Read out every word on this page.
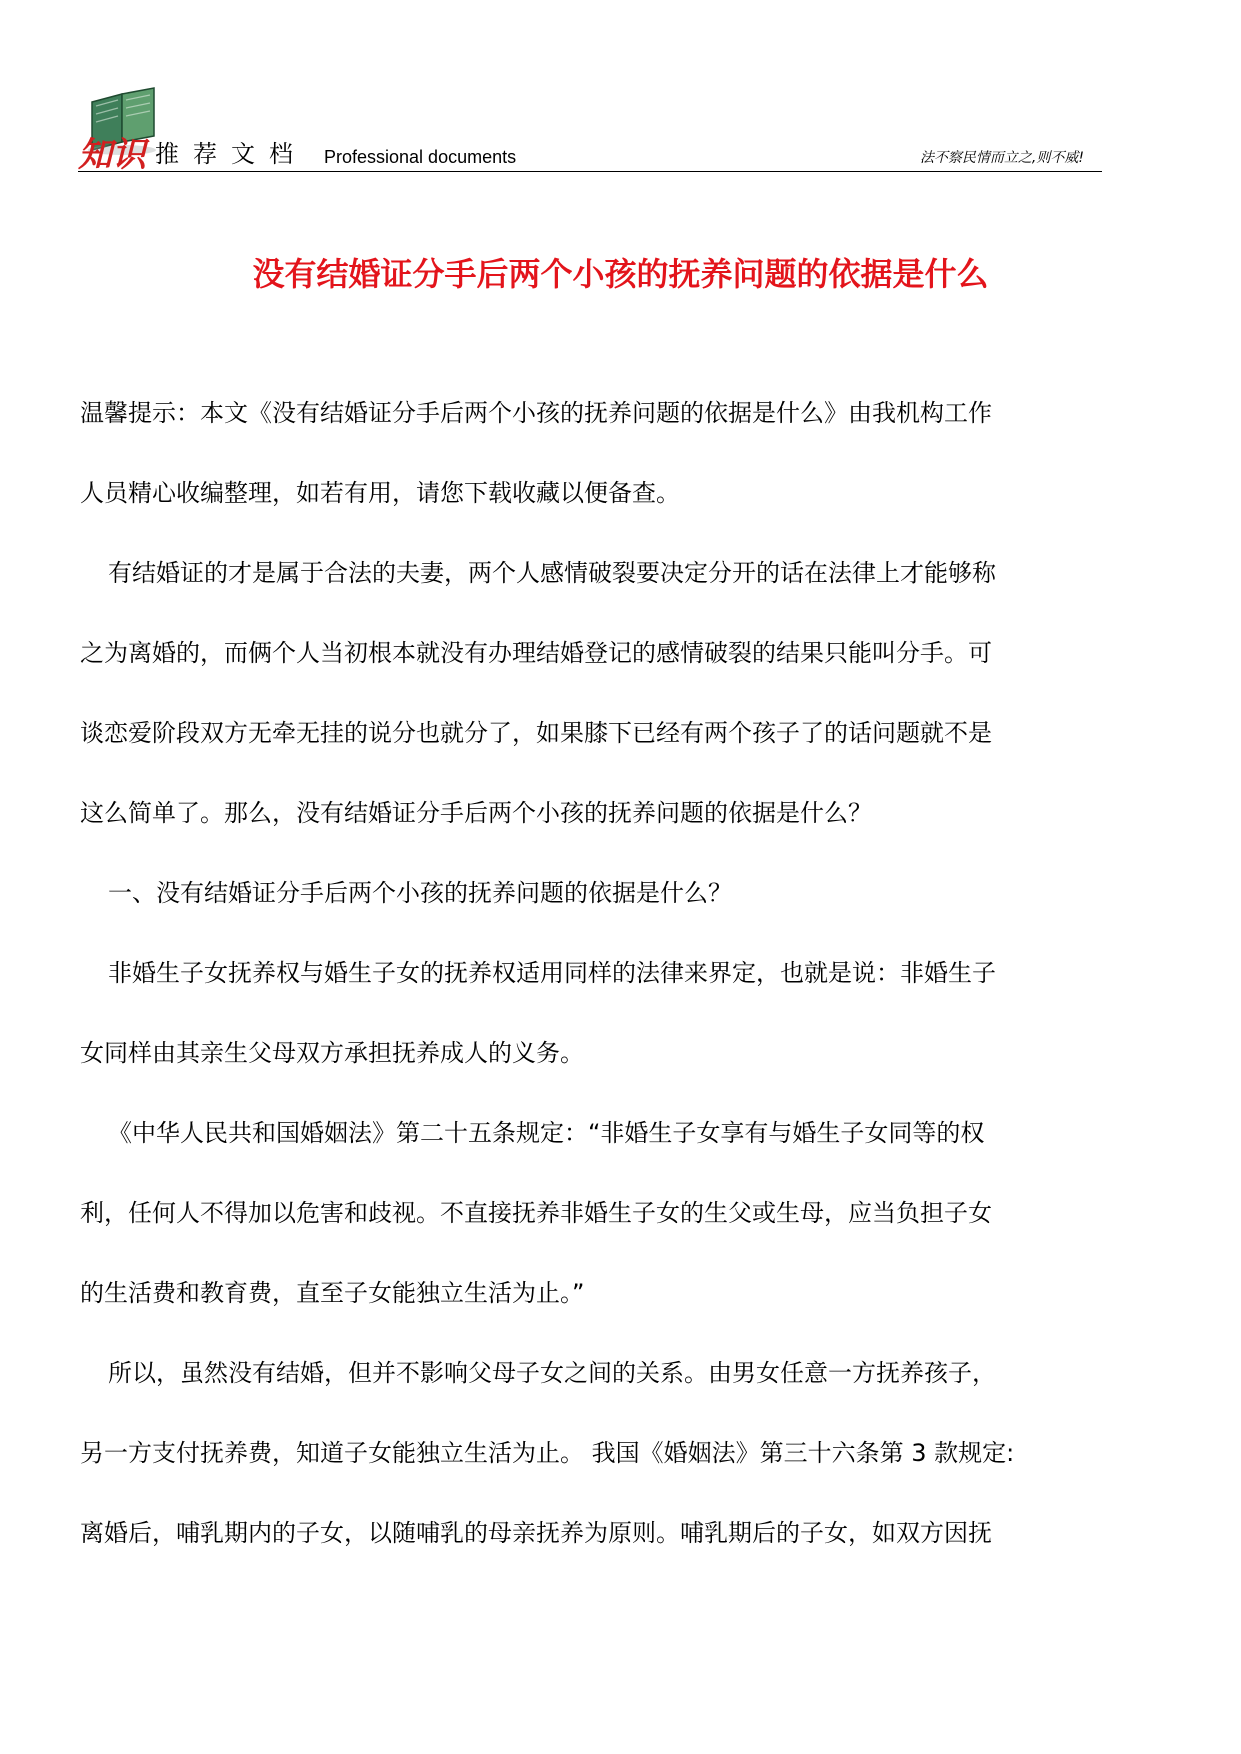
知识 推荐文档 Professional documents	法不察民情而立之,则不威!
没有结婚证分手后两个小孩的抚养问题的依据是什么
温馨提示：本文《没有结婚证分手后两个小孩的抚养问题的依据是什么》由我机构工作
人员精心收编整理，如若有用，请您下载收藏以便备查。
有结婚证的才是属于合法的夫妻，两个人感情破裂要决定分开的话在法律上才能够称
之为离婚的，而俩个人当初根本就没有办理结婚登记的感情破裂的结果只能叫分手。可
谈恋爱阶段双方无牵无挂的说分也就分了，如果膝下已经有两个孩子了的话问题就不是
这么简单了。那么，没有结婚证分手后两个小孩的抚养问题的依据是什么？
一、没有结婚证分手后两个小孩的抚养问题的依据是什么？
非婚生子女抚养权与婚生子女的抚养权适用同样的法律来界定，也就是说：非婚生子
女同样由其亲生父母双方承担抚养成人的义务。
《中华人民共和国婚姻法》第二十五条规定：“非婚生子女享有与婚生子女同等的权
利，任何人不得加以危害和歧视。不直接抚养非婚生子女的生父或生母，应当负担子女
的生活费和教育费，直至子女能独立生活为止。”
所以，虽然没有结婚，但并不影响父母子女之间的关系。由男女任意一方抚养孩子，
另一方支付抚养费，知道子女能独立生活为止。 我国《婚姻法》第三十六条第 3 款规定:
离婚后，哺乳期内的子女，以随哺乳的母亲抚养为原则。哺乳期后的子女，如双方因抚
